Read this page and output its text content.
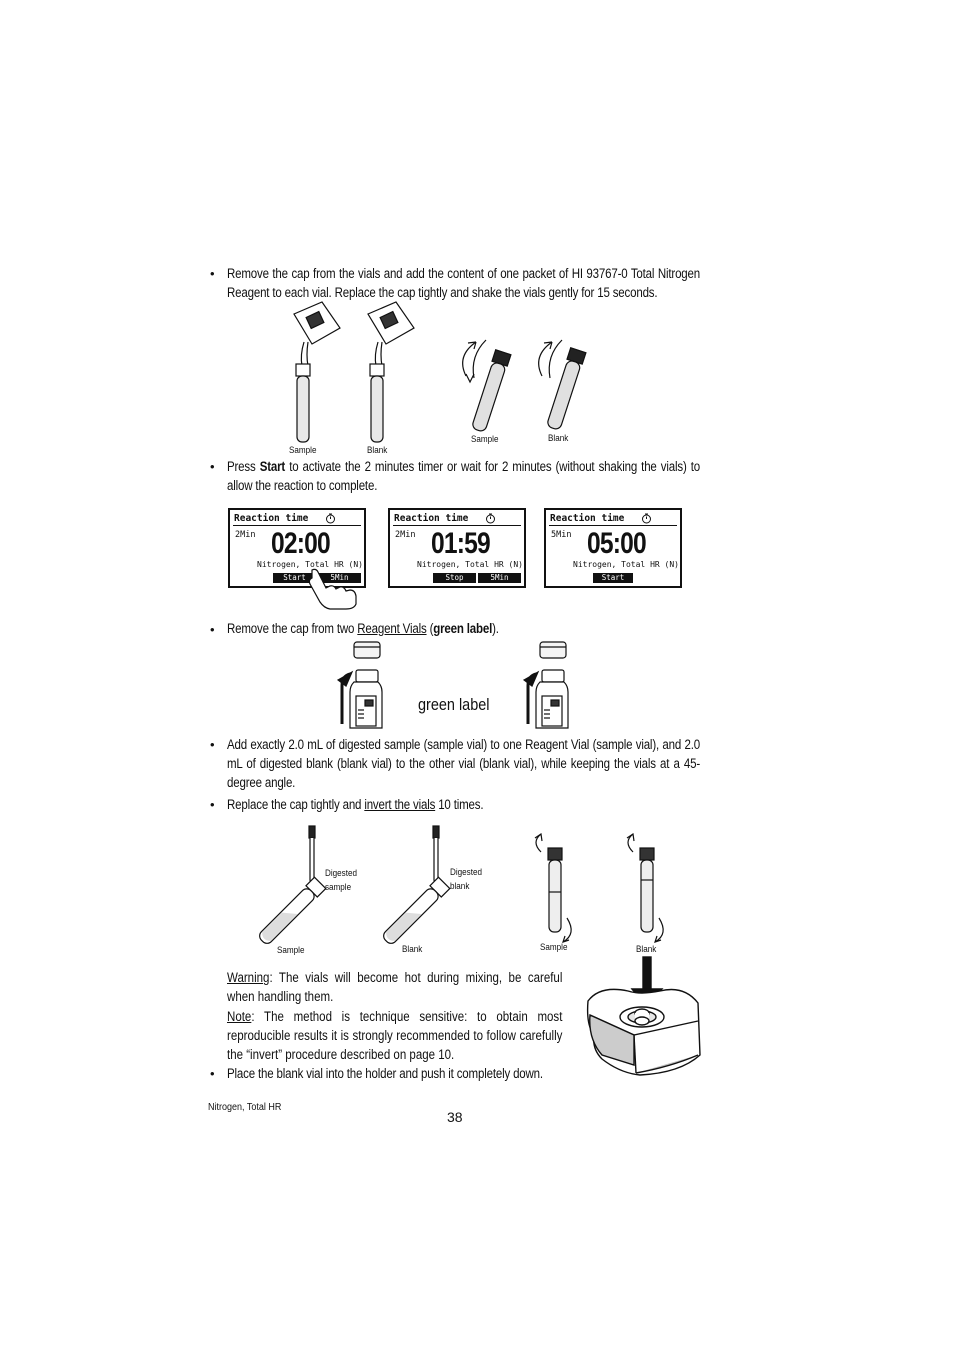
• Remove the cap from the vials and add the content of one packet of HI 93767-0 Total Nitrogen Reagent to each vial. Replace the cap tightly and shake the vials gently for 15 seconds.
Sample	Blank
Sample	Blank
• Press Start to activate the 2 minutes timer or wait for 2 minutes (without shaking the vials) to allow the reaction to complete.
Reaction time
2Min 02:00
Nitrogen, Total HR (N)
Start	5Min
Reaction time
2Min 01:59
Nitrogen, Total HR (N)
Stop	5Min
Reaction time
5Min 05:00
Nitrogen, Total HR (N)
Start
• Remove the cap from two Reagent Vials (green label).
green label
• Add exactly 2.0 mL of digested sample (sample vial) to one Reagent Vial (sample vial), and 2.0 mL of digested blank (blank vial) to the other vial (blank vial), while keeping the vials at a 45-degree angle.
• Replace the cap tightly and invert the vials 10 times.
Digested
sample
Digested
blank
Sample	Blank	Sample	Blank
Warning: The vials will become hot during mixing, be careful when handling them.
Note: The method is technique sensitive: to obtain most reproducible results it is strongly recommended to follow carefully the “invert” procedure described on page 10.
• Place the blank vial into the holder and push it completely down.
Nitrogen, Total HR
38
